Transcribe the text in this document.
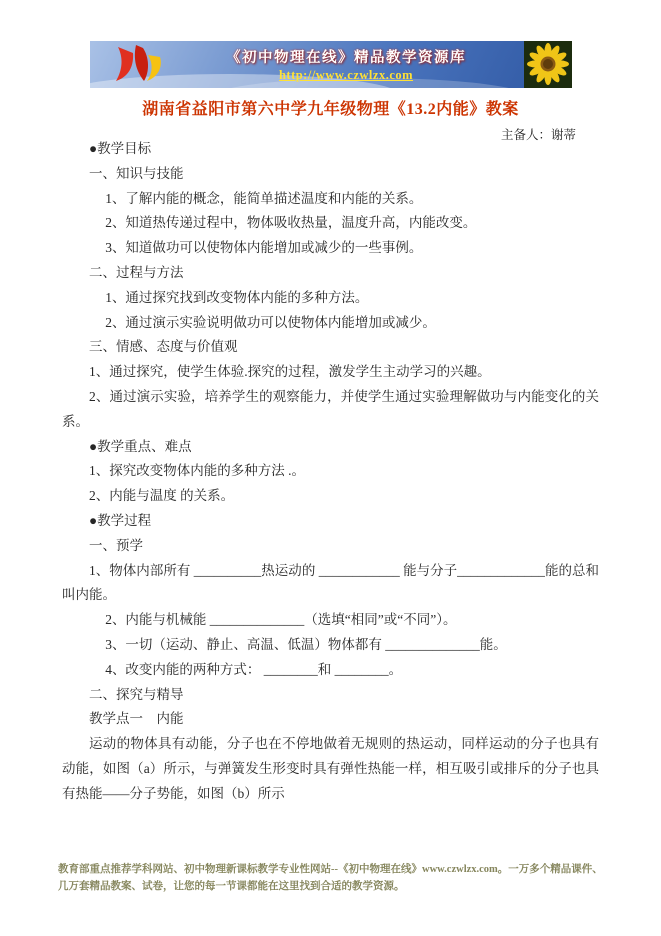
《初中物理在线》精品教学资源库
http://www.czwlzx.com
湖南省益阳市第六中学九年级物理《13.2内能》教案
主备人：谢蒂

●教学目标

一、知识与技能

1、了解内能的概念，能简单描述温度和内能的关系。

2、知道热传递过程中，物体吸收热量，温度升高，内能改变。

3、知道做功可以使物体内能增加或减少的一些事例。

二、过程与方法

1、通过探究找到改变物体内能的多种方法。

2、通过演示实验说明做功可以使物体内能增加或减少。

三、情感、态度与价值观

1、通过探究，使学生体验.探究的过程，激发学生主动学习的兴趣。

2、通过演示实验，培养学生的观察能力，并使学生通过实验理解做功与内能变化的关系。

●教学重点、难点

1、探究改变物体内能的多种方法 .。

2、内能与温度 的关系。

●教学过程

一、预学

1、物体内部所有 __________热运动的 ____________ 能与分子_____________能的总和叫内能。

2、内能与机械能 ______________（选填“相同”或“不同”）。

3、一切（运动、静止、高温、低温）物体都有 ______________能。

4、改变内能的两种方式： ________和 ________。

二、探究与精导

教学点一　内能

运动的物体具有动能，分子也在不停地做着无规则的热运动，同样运动的分子也具有动能，如图（a）所示，与弹簧发生形变时具有弹性热能一样，相互吸引或排斥的分子也具有热能――分子势能，如图（b）所示

教育部重点推荐学科网站、初中物理新课标教学专业性网站--《初中物理在线》www.czwlzx.com。一万多个精品课件、几万套精品教案、试卷，让您的每一节课都能在这里找到合适的教学资源。
